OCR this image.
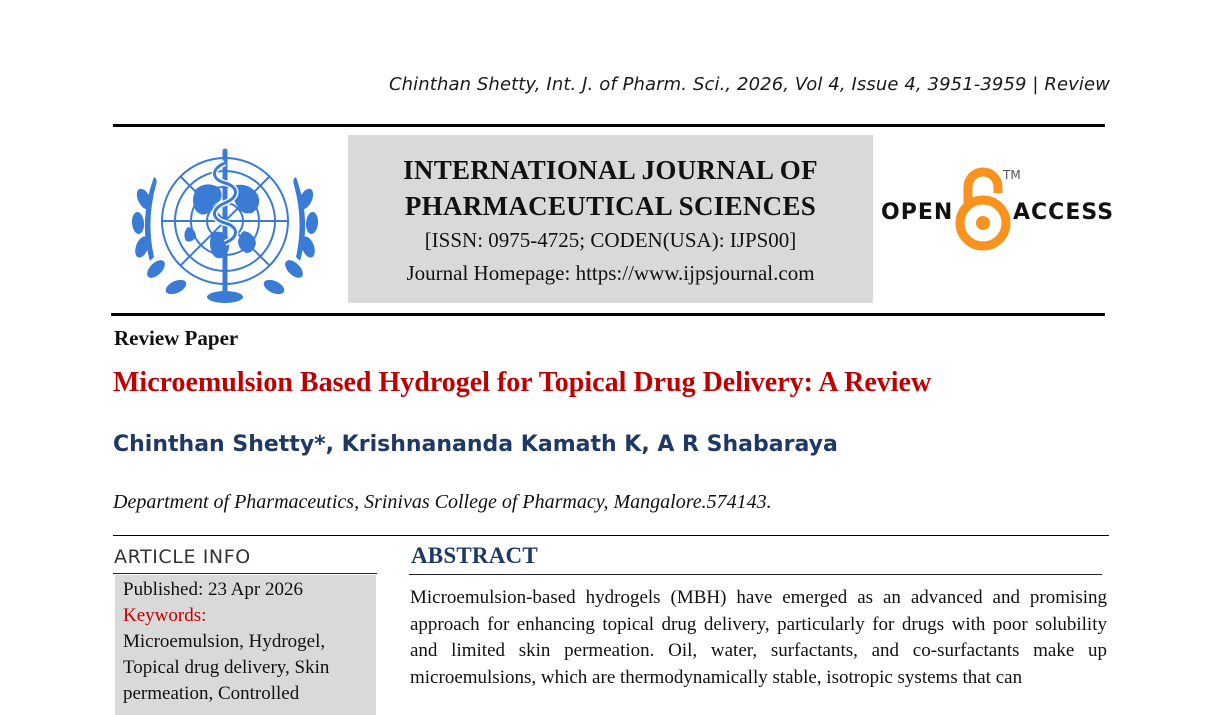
Chinthan Shetty, Int. J. of Pharm. Sci., 2026, Vol 4, Issue 4, 3951-3959 | Review
INTERNATIONAL JOURNAL OF
PHARMACEUTICAL SCIENCES
[ISSN: 0975-4725; CODEN(USA): IJPS00]
Journal Homepage: https://www.ijpsjournal.com
OPEN
TM
ACCESS
Review Paper
Microemulsion Based Hydrogel for Topical Drug Delivery: A Review
Chinthan Shetty*, Krishnananda Kamath K, A R Shabaraya
Department of Pharmaceutics, Srinivas College of Pharmacy, Mangalore.574143.
ARTICLE INFO
Published: 23 Apr 2026
Keywords:
Microemulsion, Hydrogel,
Topical drug delivery, Skin
permeation, Controlled
ABSTRACT

Microemulsion-based hydrogels (MBH) have emerged as an advanced and promising approach for enhancing topical drug delivery, particularly for drugs with poor solubility and limited skin permeation. Oil, water, surfactants, and co-surfactants make up microemulsions, which are thermodynamically stable, isotropic systems that can
